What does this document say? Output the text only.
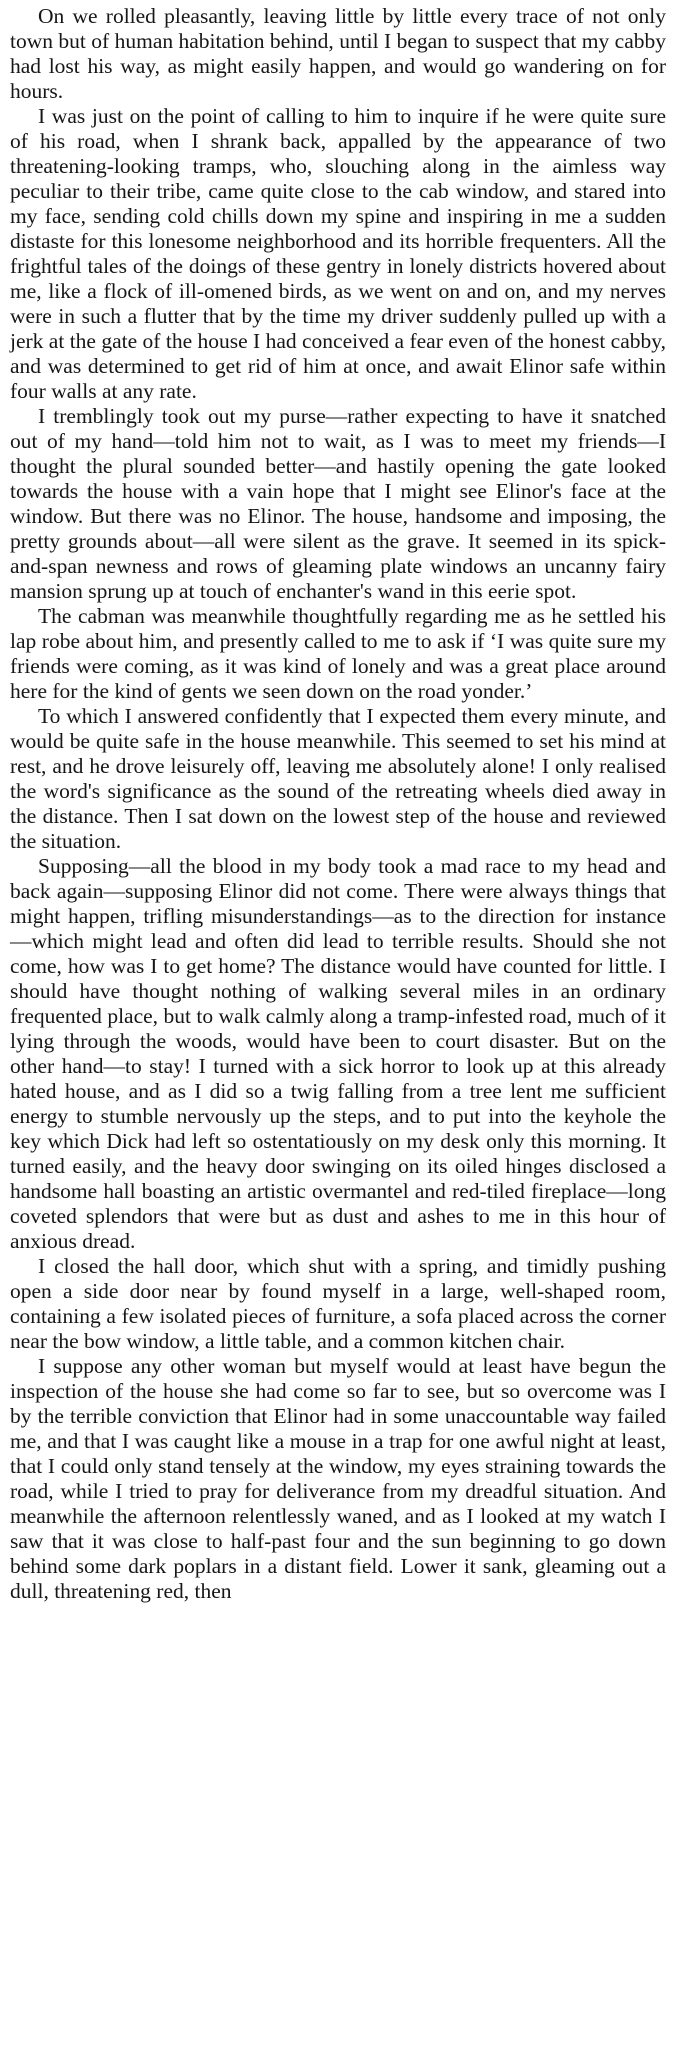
On we rolled pleasantly, leaving little by little every trace of not only town but of human habitation behind, until I began to suspect that my cabby had lost his way, as might easily happen, and would go wandering on for hours.

I was just on the point of calling to him to inquire if he were quite sure of his road, when I shrank back, appalled by the appearance of two threatening-looking tramps, who, slouching along in the aimless way peculiar to their tribe, came quite close to the cab window, and stared into my face, sending cold chills down my spine and inspiring in me a sudden distaste for this lonesome neighborhood and its horrible frequenters. All the frightful tales of the doings of these gentry in lonely districts hovered about me, like a flock of ill-omened birds, as we went on and on, and my nerves were in such a flutter that by the time my driver suddenly pulled up with a jerk at the gate of the house I had conceived a fear even of the honest cabby, and was determined to get rid of him at once, and await Elinor safe within four walls at any rate.

I tremblingly took out my purse—rather expecting to have it snatched out of my hand—told him not to wait, as I was to meet my friends—I thought the plural sounded better—and hastily opening the gate looked towards the house with a vain hope that I might see Elinor's face at the window. But there was no Elinor. The house, handsome and imposing, the pretty grounds about—all were silent as the grave. It seemed in its spick-and-span newness and rows of gleaming plate windows an uncanny fairy mansion sprung up at touch of enchanter's wand in this eerie spot.

The cabman was meanwhile thoughtfully regarding me as he settled his lap robe about him, and presently called to me to ask if ‘I was quite sure my friends were coming, as it was kind of lonely and was a great place around here for the kind of gents we seen down on the road yonder.’

To which I answered confidently that I expected them every minute, and would be quite safe in the house meanwhile. This seemed to set his mind at rest, and he drove leisurely off, leaving me absolutely alone! I only realised the word's significance as the sound of the retreating wheels died away in the distance. Then I sat down on the lowest step of the house and reviewed the situation.

Supposing—all the blood in my body took a mad race to my head and back again—supposing Elinor did not come. There were always things that might happen, trifling misunderstandings—as to the direction for instance—which might lead and often did lead to terrible results. Should she not come, how was I to get home? The distance would have counted for little. I should have thought nothing of walking several miles in an ordinary frequented place, but to walk calmly along a tramp-infested road, much of it lying through the woods, would have been to court disaster. But on the other hand—to stay! I turned with a sick horror to look up at this already hated house, and as I did so a twig falling from a tree lent me sufficient energy to stumble nervously up the steps, and to put into the keyhole the key which Dick had left so ostentatiously on my desk only this morning. It turned easily, and the heavy door swinging on its oiled hinges disclosed a handsome hall boasting an artistic overmantel and red-tiled fireplace—long coveted splendors that were but as dust and ashes to me in this hour of anxious dread.

I closed the hall door, which shut with a spring, and timidly pushing open a side door near by found myself in a large, well-shaped room, containing a few isolated pieces of furniture, a sofa placed across the corner near the bow window, a little table, and a common kitchen chair.

I suppose any other woman but myself would at least have begun the inspection of the house she had come so far to see, but so overcome was I by the terrible conviction that Elinor had in some unaccountable way failed me, and that I was caught like a mouse in a trap for one awful night at least, that I could only stand tensely at the window, my eyes straining towards the road, while I tried to pray for deliverance from my dreadful situation. And meanwhile the afternoon relentlessly waned, and as I looked at my watch I saw that it was close to half-past four and the sun beginning to go down behind some dark poplars in a distant field. Lower it sank, gleaming out a dull, threatening red, then
